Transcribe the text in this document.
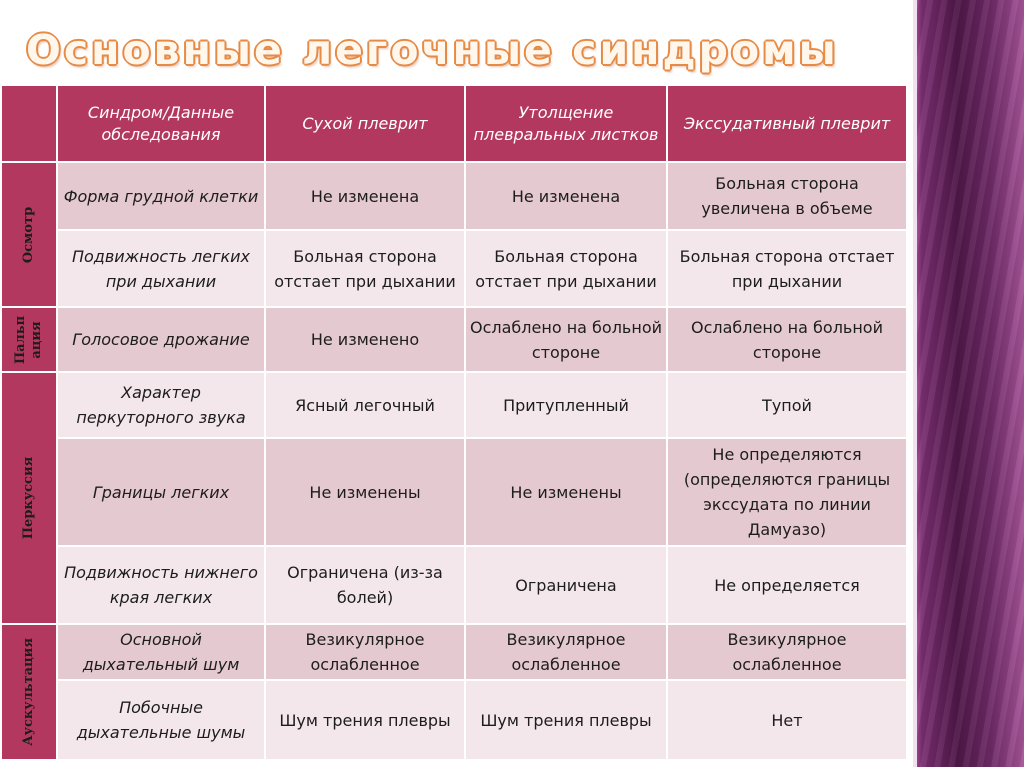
Основные легочные синдромы
	Синдром/Данные обследования	Сухой плеврит	Утолщение плевральных листков	Экссудативный плеврит

Осмотр	Форма грудной клетки	Не изменена	Не изменена	Больная сторона увеличена в объеме
	Подвижность легких при дыхании	Больная сторона отстает при дыхании	Больная сторона отстает при дыхании	Больная сторона отстает при дыхании

Пальп ация	Голосовое дрожание	Не изменено	Ослаблено на больной стороне	Ослаблено на больной стороне

Перкуссия	Характер перкуторного звука	Ясный легочный	Притупленный	Тупой
	Границы легких	Не изменены	Не изменены	Не определяются (определяются границы экссудата по линии Дамуазо)
	Подвижность нижнего края легких	Ограничена (из-за болей)	Ограничена	Не определяется

Аускультация	Основной дыхательный шум	Везикулярное ослабленное	Везикулярное ослабленное	Везикулярное ослабленное
	Побочные дыхательные шумы	Шум трения плевры	Шум трения плевры	Нет
